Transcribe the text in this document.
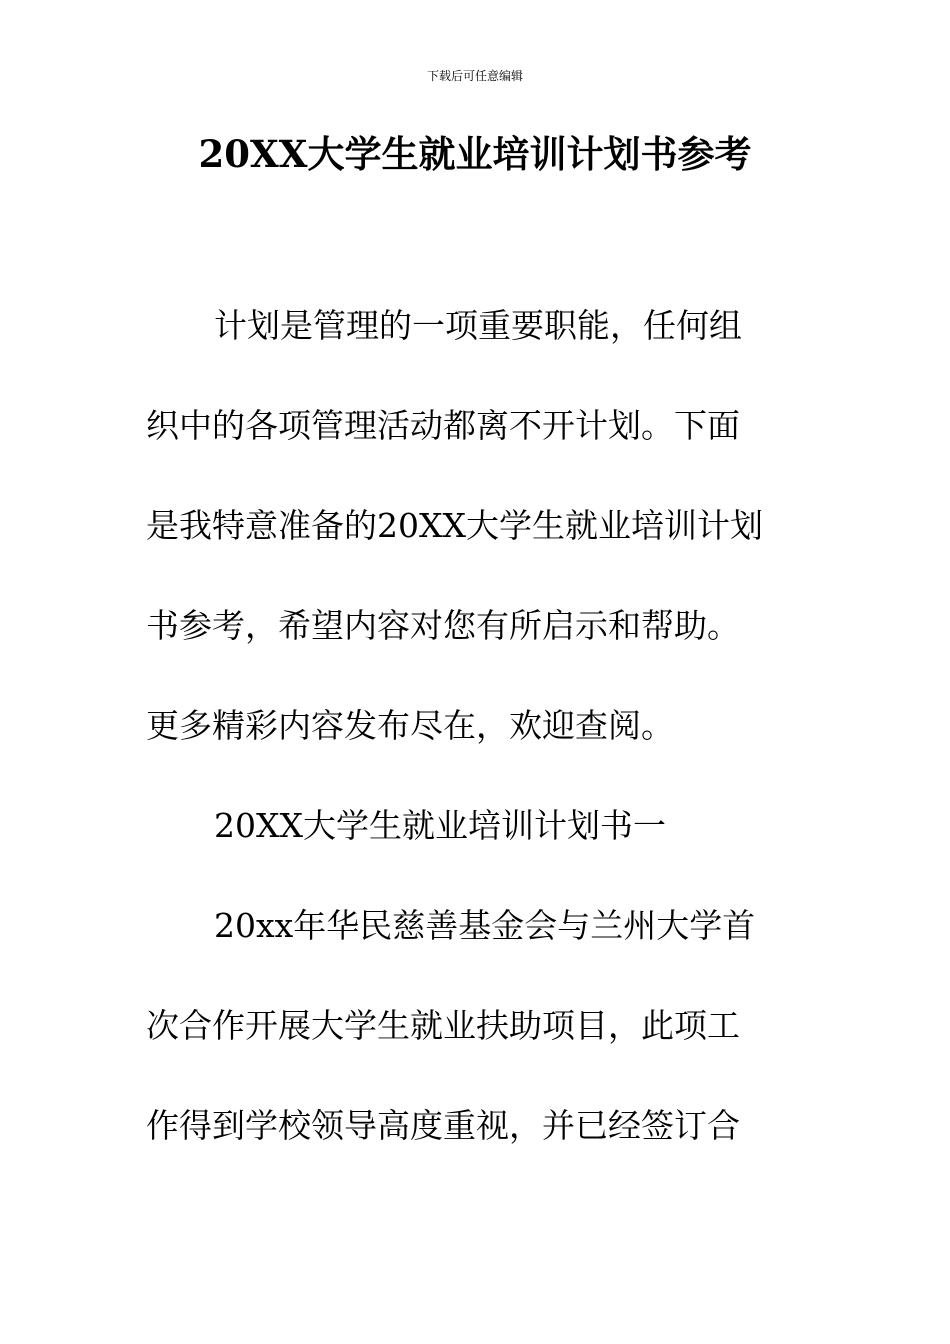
下载后可任意编辑
20XX大学生就业培训计划书参考
计划是管理的一项重要职能，任何组
织中的各项管理活动都离不开计划。下面
是我特意准备的20XX大学生就业培训计划
书参考，希望内容对您有所启示和帮助。
更多精彩内容发布尽在，欢迎查阅。
20XX大学生就业培训计划书一
20xx年华民慈善基金会与兰州大学首
次合作开展大学生就业扶助项目，此项工
作得到学校领导高度重视，并已经签订合
